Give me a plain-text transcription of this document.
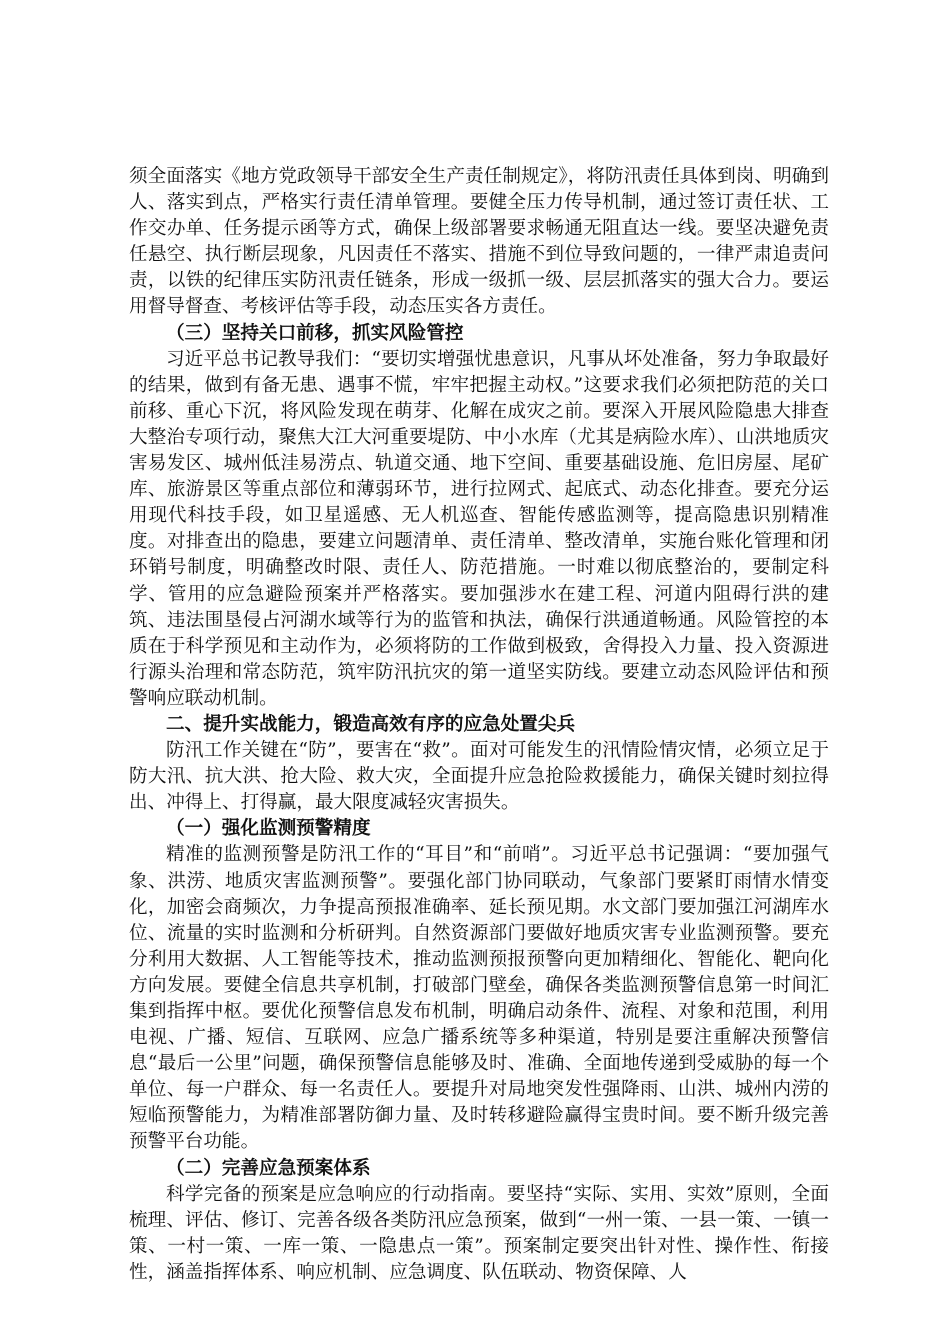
须全面落实《地方党政领导干部安全生产责任制规定》，将防汛责任具体到岗、明确到人、落实到点，严格实行责任清单管理。要健全压力传导机制，通过签订责任状、工作交办单、任务提示函等方式，确保上级部署要求畅通无阻直达一线。要坚决避免责任悬空、执行断层现象，凡因责任不落实、措施不到位导致问题的，一律严肃追责问责，以铁的纪律压实防汛责任链条，形成一级抓一级、层层抓落实的强大合力。要运用督导督查、考核评估等手段，动态压实各方责任。

（三）坚持关口前移，抓实风险管控

习近平总书记教导我们：“要切实增强忧患意识，凡事从坏处准备，努力争取最好的结果，做到有备无患、遇事不慌，牢牢把握主动权。”这要求我们必须把防范的关口前移、重心下沉，将风险发现在萌芽、化解在成灾之前。要深入开展风险隐患大排查大整治专项行动，聚焦大江大河重要堤防、中小水库（尤其是病险水库）、山洪地质灾害易发区、城州低洼易涝点、轨道交通、地下空间、重要基础设施、危旧房屋、尾矿库、旅游景区等重点部位和薄弱环节，进行拉网式、起底式、动态化排查。要充分运用现代科技手段，如卫星遥感、无人机巡查、智能传感监测等，提高隐患识别精准度。对排查出的隐患，要建立问题清单、责任清单、整改清单，实施台账化管理和闭环销号制度，明确整改时限、责任人、防范措施。一时难以彻底整治的，要制定科学、管用的应急避险预案并严格落实。要加强涉水在建工程、河道内阻碍行洪的建筑、违法围垦侵占河湖水域等行为的监管和执法，确保行洪通道畅通。风险管控的本质在于科学预见和主动作为，必须将防的工作做到极致，舍得投入力量、投入资源进行源头治理和常态防范，筑牢防汛抗灾的第一道坚实防线。要建立动态风险评估和预警响应联动机制。

二、提升实战能力，锻造高效有序的应急处置尖兵

防汛工作关键在“防”，要害在“救”。面对可能发生的汛情险情灾情，必须立足于防大汛、抗大洪、抢大险、救大灾，全面提升应急抢险救援能力，确保关键时刻拉得出、冲得上、打得赢，最大限度减轻灾害损失。

（一）强化监测预警精度

精准的监测预警是防汛工作的“耳目”和“前哨”。习近平总书记强调：“要加强气象、洪涝、地质灾害监测预警”。要强化部门协同联动，气象部门要紧盯雨情水情变化，加密会商频次，力争提高预报准确率、延长预见期。水文部门要加强江河湖库水位、流量的实时监测和分析研判。自然资源部门要做好地质灾害专业监测预警。要充分利用大数据、人工智能等技术，推动监测预报预警向更加精细化、智能化、靶向化方向发展。要健全信息共享机制，打破部门壁垒，确保各类监测预警信息第一时间汇集到指挥中枢。要优化预警信息发布机制，明确启动条件、流程、对象和范围，利用电视、广播、短信、互联网、应急广播系统等多种渠道，特别是要注重解决预警信息“最后一公里”问题，确保预警信息能够及时、准确、全面地传递到受威胁的每一个单位、每一户群众、每一名责任人。要提升对局地突发性强降雨、山洪、城州内涝的短临预警能力，为精准部署防御力量、及时转移避险赢得宝贵时间。要不断升级完善预警平台功能。

（二）完善应急预案体系

科学完备的预案是应急响应的行动指南。要坚持“实际、实用、实效”原则，全面梳理、评估、修订、完善各级各类防汛应急预案，做到“一州一策、一县一策、一镇一策、一村一策、一库一策、一隐患点一策”。预案制定要突出针对性、操作性、衔接性，涵盖指挥体系、响应机制、应急调度、队伍联动、物资保障、人
